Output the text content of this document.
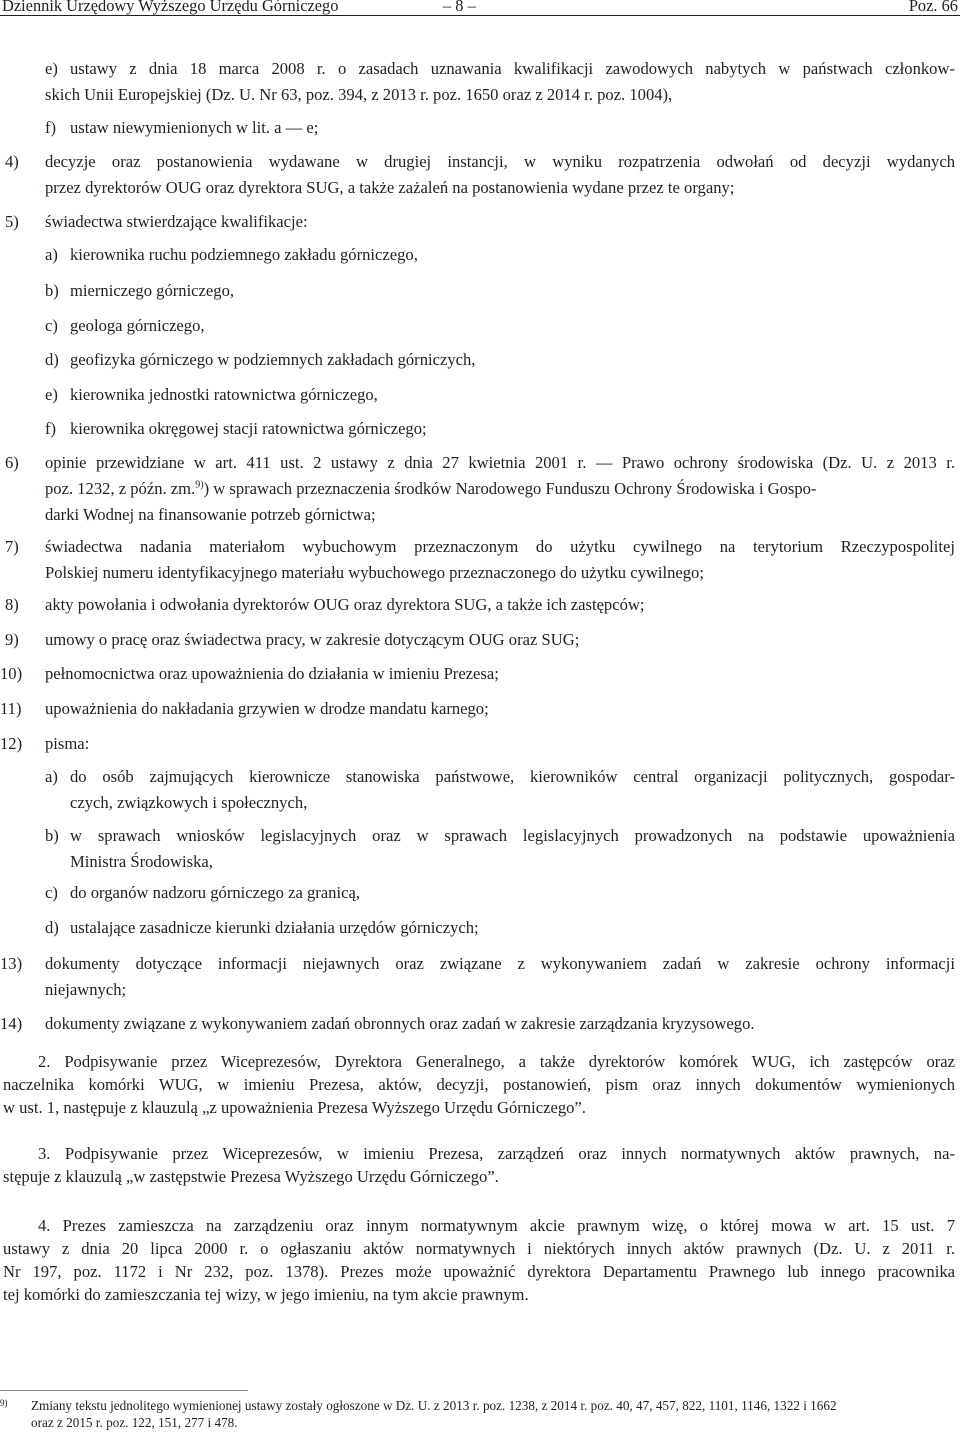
Dziennik Urzędowy Wyższego Urzędu Górniczego	– 8 –	Poz. 66
e) ustawy z dnia 18 marca 2008 r. o zasadach uznawania kwalifikacji zawodowych nabytych w państwach członkow-
skich Unii Europejskiej (Dz. U. Nr 63, poz. 394, z 2013 r. poz. 1650 oraz z 2014 r. poz. 1004),
f) ustaw niewymienionych w lit. a — e;
4) decyzje oraz postanowienia wydawane w drugiej instancji, w wyniku rozpatrzenia odwołań od decyzji wydanych
przez dyrektorów OUG oraz dyrektora SUG, a także zażaleń na postanowienia wydane przez te organy;
5) świadectwa stwierdzające kwalifikacje:
a) kierownika ruchu podziemnego zakładu górniczego,
b) mierniczego górniczego,
c) geologa górniczego,
d) geofizyka górniczego w podziemnych zakładach górniczych,
e) kierownika jednostki ratownictwa górniczego,
f) kierownika okręgowej stacji ratownictwa górniczego;
7) świadectwa nadania materiałom wybuchowym przeznaczonym do użytku cywilnego na terytorium Rzeczypospolitej
Polskiej numeru identyfikacyjnego materiału wybuchowego przeznaczonego do użytku cywilnego;
8) akty powołania i odwołania dyrektorów OUG oraz dyrektora SUG, a także ich zastępców;
9) umowy o pracę oraz świadectwa pracy, w zakresie dotyczącym OUG oraz SUG;
10) pełnomocnictwa oraz upoważnienia do działania w imieniu Prezesa;
11) upoważnienia do nakładania grzywien w drodze mandatu karnego;
12) pisma:
a) do osób zajmujących kierownicze stanowiska państwowe, kierowników central organizacji politycznych, gospodar-
czych, związkowych i społecznych,
b) w sprawach wniosków legislacyjnych oraz w sprawach legislacyjnych prowadzonych na podstawie upoważnienia
Ministra Środowiska,
c) do organów nadzoru górniczego za granicą,
d) ustalające zasadnicze kierunki działania urzędów górniczych;
13) dokumenty dotyczące informacji niejawnych oraz związane z wykonywaniem zadań w zakresie ochrony informacji
niejawnych;
14) dokumenty związane z wykonywaniem zadań obronnych oraz zadań w zakresie zarządzania kryzysowego.
6) opinie przewidziane w art. 411 ust. 2 ustawy z dnia 27 kwietnia 2001 r. — Prawo ochrony środowiska (Dz. U. z 2013 r.
poz. 1232, z późn. zm.$^{9)}$) w sprawach przeznaczenia środków Narodowego Funduszu Ochrony Środowiska i Gospo-
darki Wodnej na finansowanie potrzeb górnictwa;
2. Podpisywanie przez Wiceprezesów, Dyrektora Generalnego, a także dyrektorów komórek WUG, ich zastępców oraz
naczelnika komórki WUG, w imieniu Prezesa, aktów, decyzji, postanowień, pism oraz innych dokumentów wymienionych
w ust. 1, następuje z klauzulą „z upoważnienia Prezesa Wyższego Urzędu Górniczego”.
3. Podpisywanie przez Wiceprezesów, w imieniu Prezesa, zarządzeń oraz innych normatywnych aktów prawnych, na-
stępuje z klauzulą „w zastępstwie Prezesa Wyższego Urzędu Górniczego”.
4. Prezes zamieszcza na zarządzeniu oraz innym normatywnym akcie prawnym wizę, o której mowa w art. 15 ust. 7
ustawy z dnia 20 lipca 2000 r. o ogłaszaniu aktów normatywnych i niektórych innych aktów prawnych (Dz. U. z 2011 r.
Nr 197, poz. 1172 i Nr 232, poz. 1378). Prezes może upoważnić dyrektora Departamentu Prawnego lub innego pracownika
tej komórki do zamieszczania tej wizy, w jego imieniu, na tym akcie prawnym.
9) Zmiany tekstu jednolitego wymienionej ustawy zostały ogłoszone w Dz. U. z 2013 r. poz. 1238, z 2014 r. poz. 40, 47, 457, 822, 1101, 1146, 1322 i 1662
oraz z 2015 r. poz. 122, 151, 277 i 478.
